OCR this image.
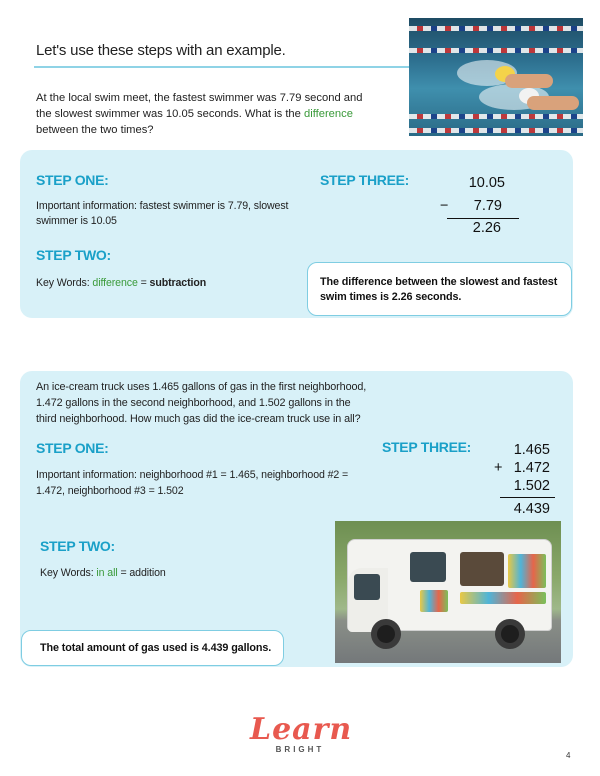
Let's use these steps with an example.
At the local swim meet, the fastest swimmer was 7.79 second and the slowest swimmer was 10.05 seconds. What is the difference between the two times?
STEP ONE:
Important information: fastest swimmer is 7.79, slowest swimmer is 10.05
STEP TWO:
Key Words: difference = subtraction
STEP THREE:	10.05
−	7.79
2.26
The difference between the slowest and fastest swim times is 2.26 seconds.
An ice-cream truck uses 1.465 gallons of gas in the first neighborhood, 1.472 gallons in the second neighborhood, and 1.502 gallons in the third neighborhood. How much gas did the ice-cream truck use in all?
STEP ONE:
Important information: neighborhood #1 = 1.465, neighborhood #2 = 1.472, neighborhood #3 = 1.502
STEP TWO:
Key Words: in all = addition
STEP THREE:	1.465
+ 1.472
1.502
4.439
The total amount of gas used is 4.439 gallons.
Learn
BRIGHT
4
